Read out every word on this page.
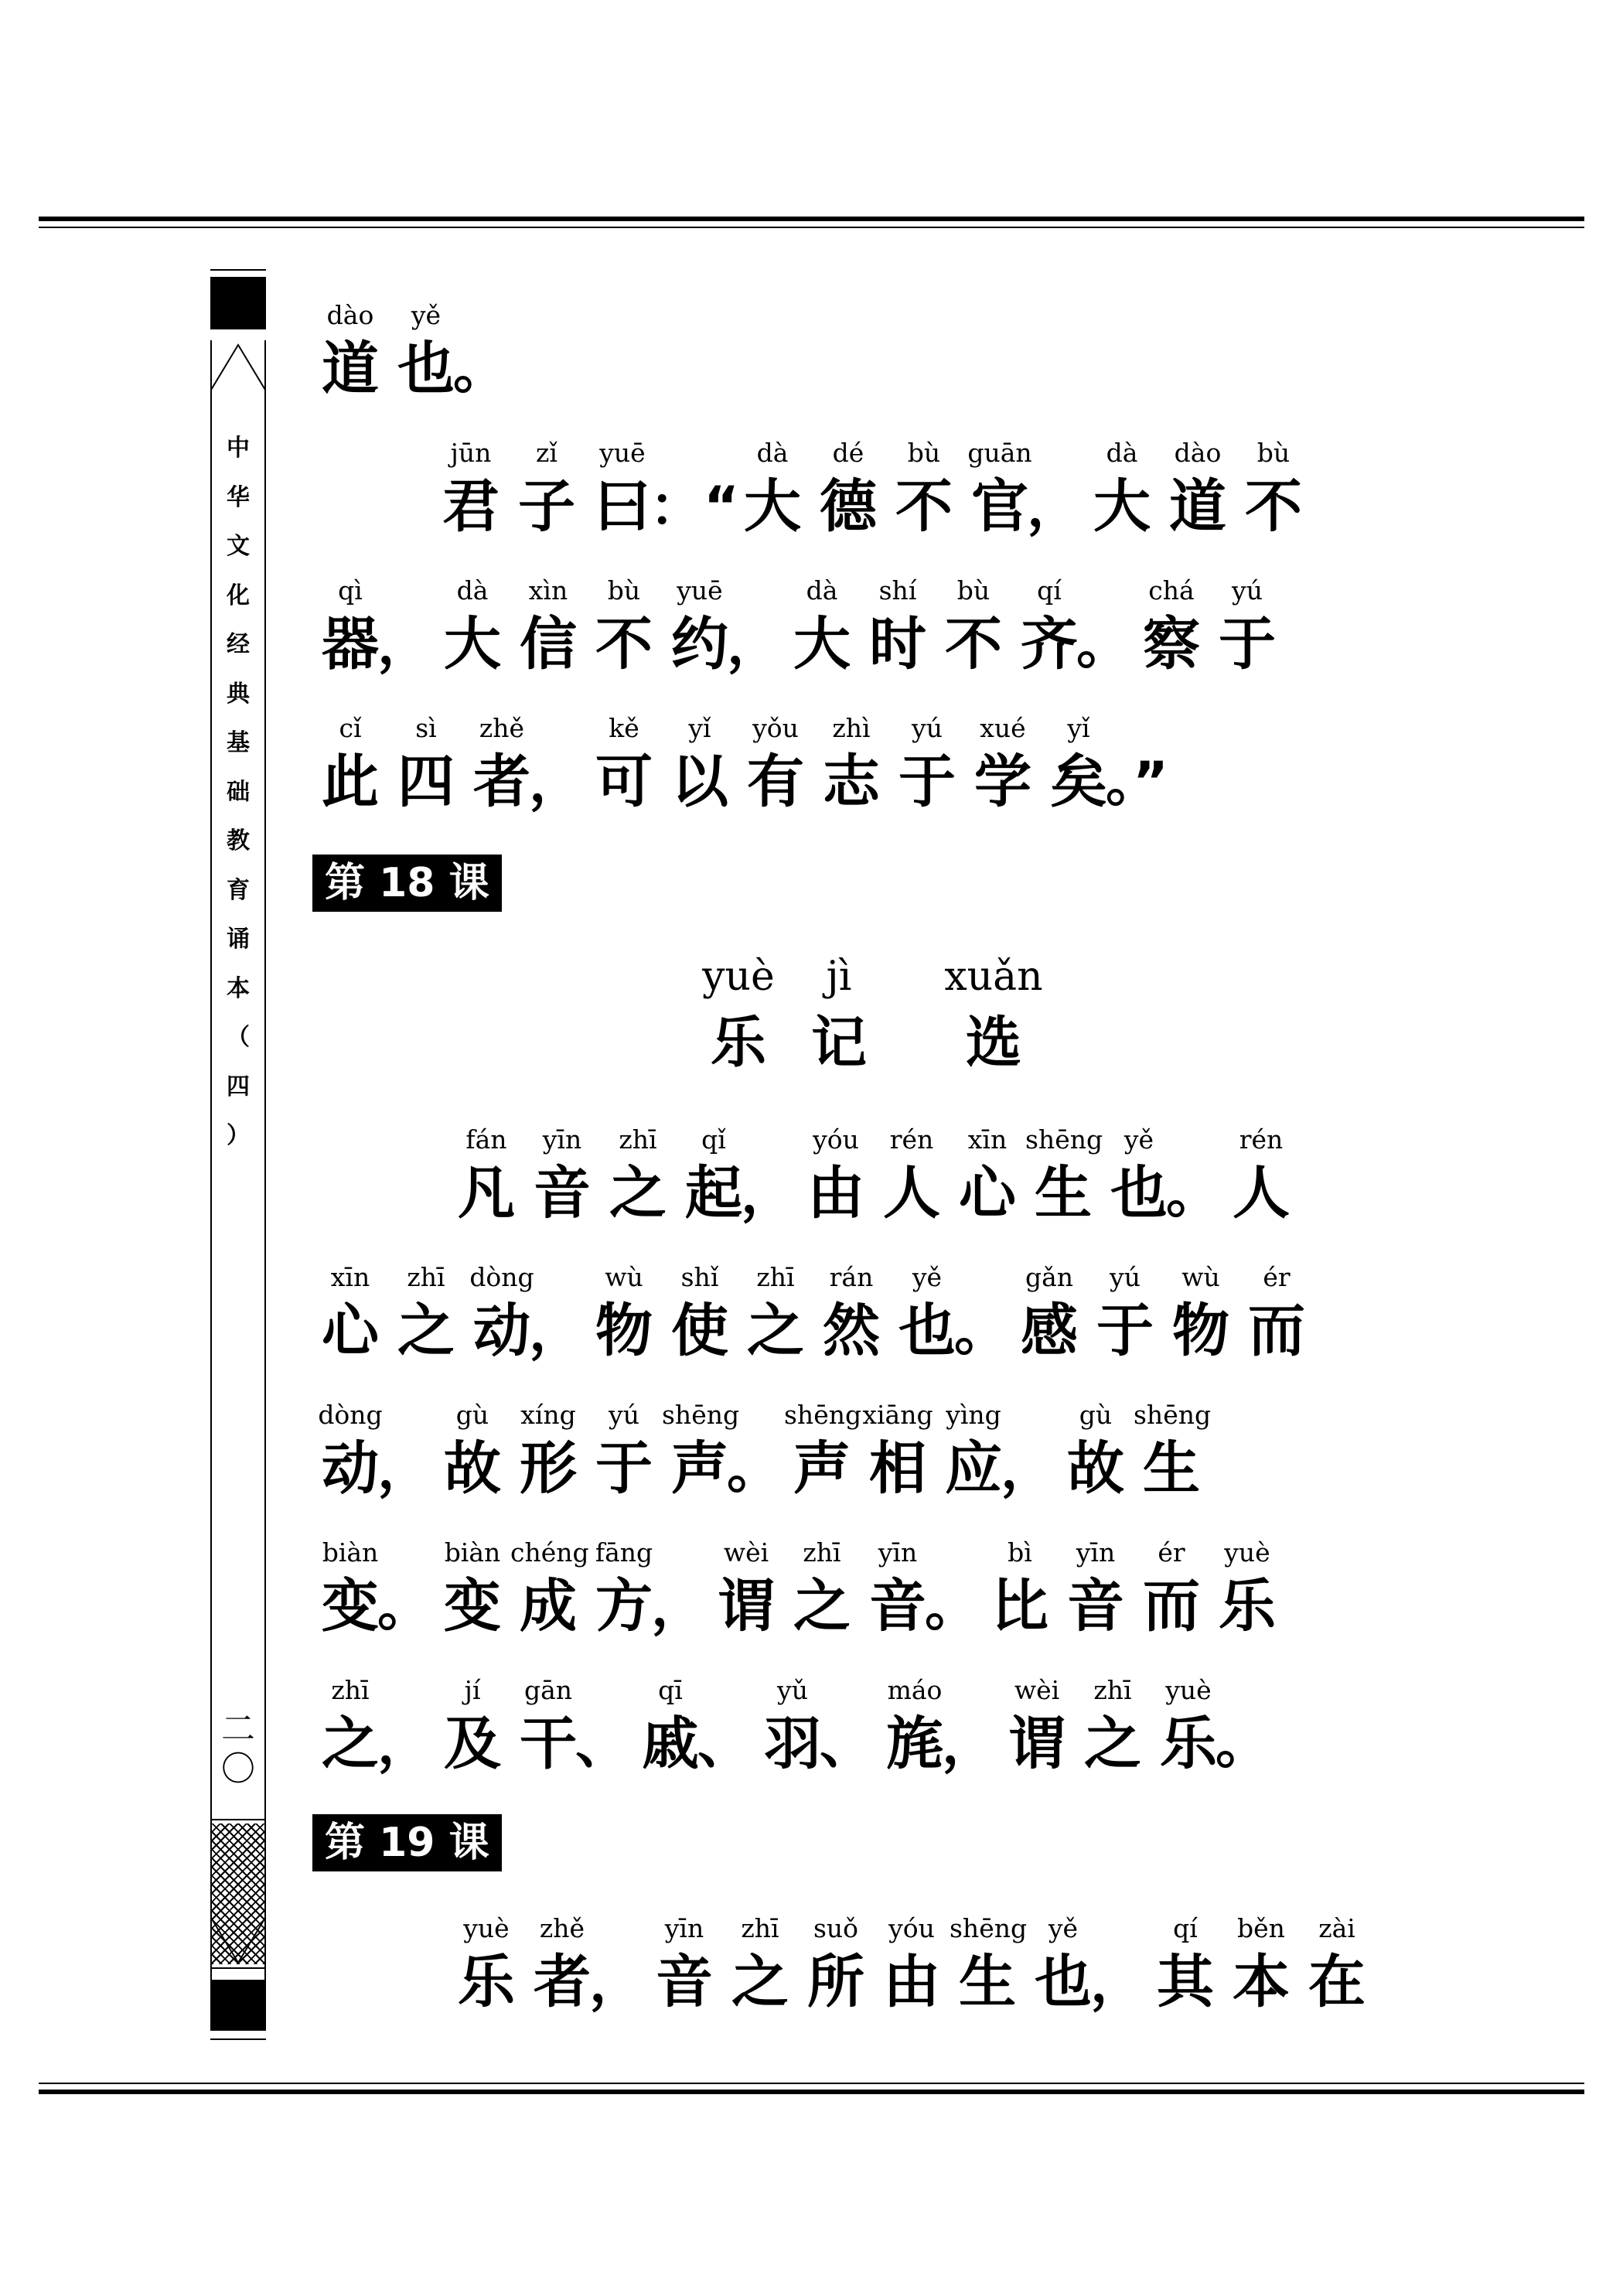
中
华
文
化
经
典
基
础
教
育
诵
本
（
四
）
二
〇
第 18 课
第 19 课
yuè
乐
jì
记
xuǎn
选
dào
道
yě
也
。
jūn
君
zǐ
子
yuē
曰
：“
dà
大
dé
德
bù
不
guān
官
，
dà
大
dào
道
bù
不
qì
器
，
dà
大
xìn
信
bù
不
yuē
约
，
dà
大
shí
时
bù
不
qí
齐
。
chá
察
yú
于
cǐ
此
sì
四
zhě
者
，
kě
可
yǐ
以
yǒu
有
zhì
志
yú
于
xué
学
yǐ
矣
。”
fán
凡
yīn
音
zhī
之
qǐ
起
，
yóu
由
rén
人
xīn
心
shēng
生
yě
也
。
rén
人
xīn
心
zhī
之
dòng
动
，
wù
物
shǐ
使
zhī
之
rán
然
yě
也
。
gǎn
感
yú
于
wù
物
ér
而
dòng
动
，
gù
故
xíng
形
yú
于
shēng
声
。
shēng
声
xiāng
相
yìng
应
，
gù
故
shēng
生
biàn
变
。
biàn
变
chéng
成
fāng
方
，
wèi
谓
zhī
之
yīn
音
。
bì
比
yīn
音
ér
而
yuè
乐
zhī
之
，
jí
及
gān
干
、
qī
戚
、
yǔ
羽
、
máo
旄
，
wèi
谓
zhī
之
yuè
乐
。
yuè
乐
zhě
者
，
yīn
音
zhī
之
suǒ
所
yóu
由
shēng
生
yě
也
，
qí
其
běn
本
zài
在
